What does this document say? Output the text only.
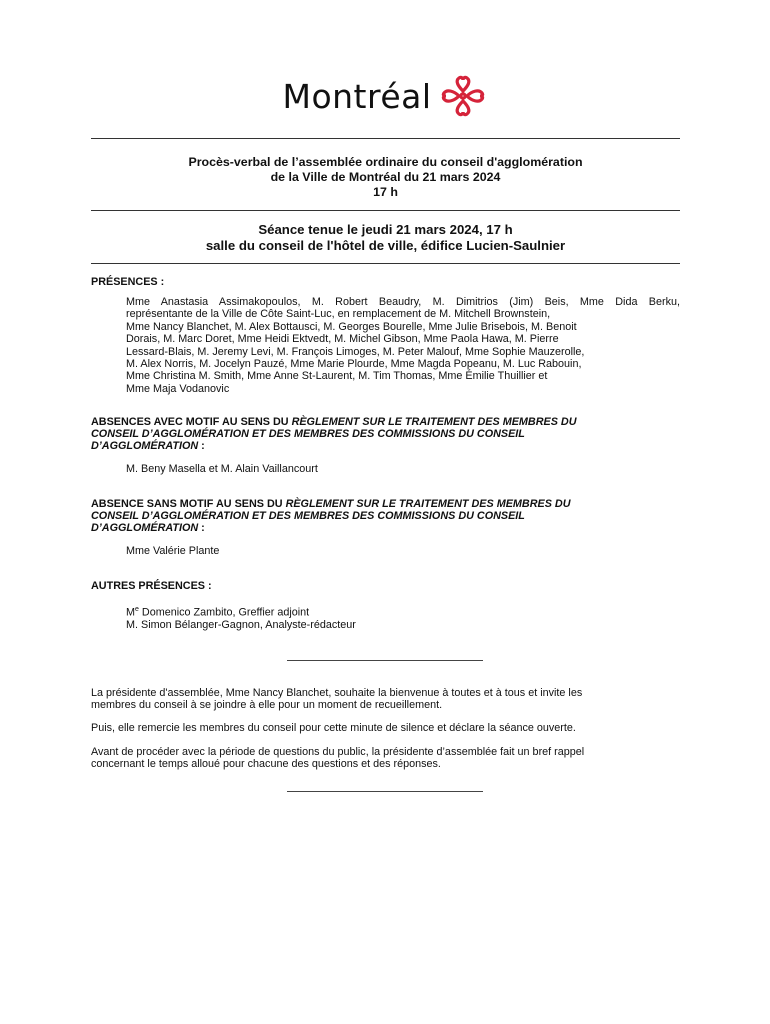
Montréal
Procès-verbal de l’assemblée ordinaire du conseil d'agglomération
de la Ville de Montréal du 21 mars 2024
17 h
Séance tenue le jeudi 21 mars 2024, 17 h
salle du conseil de l'hôtel de ville, édifice Lucien-Saulnier
PRÉSENCES :
Mme Anastasia Assimakopoulos, M. Robert Beaudry, M. Dimitrios (Jim) Beis, Mme Dida Berku,
représentante de la Ville de Côte Saint-Luc, en remplacement de M. Mitchell Brownstein,
Mme Nancy Blanchet, M. Alex Bottausci, M. Georges Bourelle, Mme Julie Brisebois, M. Benoit
Dorais, M. Marc Doret, Mme Heidi Ektvedt, M. Michel Gibson, Mme Paola Hawa, M. Pierre
Lessard-Blais, M. Jeremy Levi, M. François Limoges, M. Peter Malouf, Mme Sophie Mauzerolle,
M. Alex Norris, M. Jocelyn Pauzé, Mme Marie Plourde, Mme Magda Popeanu, M. Luc Rabouin,
Mme Christina M. Smith, Mme Anne St-Laurent, M. Tim Thomas, Mme Émilie Thuillier et
Mme Maja Vodanovic
ABSENCES AVEC MOTIF AU SENS DU RÈGLEMENT SUR LE TRAITEMENT DES MEMBRES DU
CONSEIL D’AGGLOMÉRATION ET DES MEMBRES DES COMMISSIONS DU CONSEIL
D’AGGLOMÉRATION :
M. Beny Masella et M. Alain Vaillancourt
ABSENCE SANS MOTIF AU SENS DU RÈGLEMENT SUR LE TRAITEMENT DES MEMBRES DU
CONSEIL D’AGGLOMÉRATION ET DES MEMBRES DES COMMISSIONS DU CONSEIL
D’AGGLOMÉRATION :
Mme Valérie Plante
AUTRES PRÉSENCES :
Me Domenico Zambito, Greffier adjoint
M. Simon Bélanger-Gagnon, Analyste-rédacteur
La présidente d'assemblée, Mme Nancy Blanchet, souhaite la bienvenue à toutes et à tous et invite les
membres du conseil à se joindre à elle pour un moment de recueillement.
Puis, elle remercie les membres du conseil pour cette minute de silence et déclare la séance ouverte.
Avant de procéder avec la période de questions du public, la présidente d’assemblée fait un bref rappel
concernant le temps alloué pour chacune des questions et des réponses.
